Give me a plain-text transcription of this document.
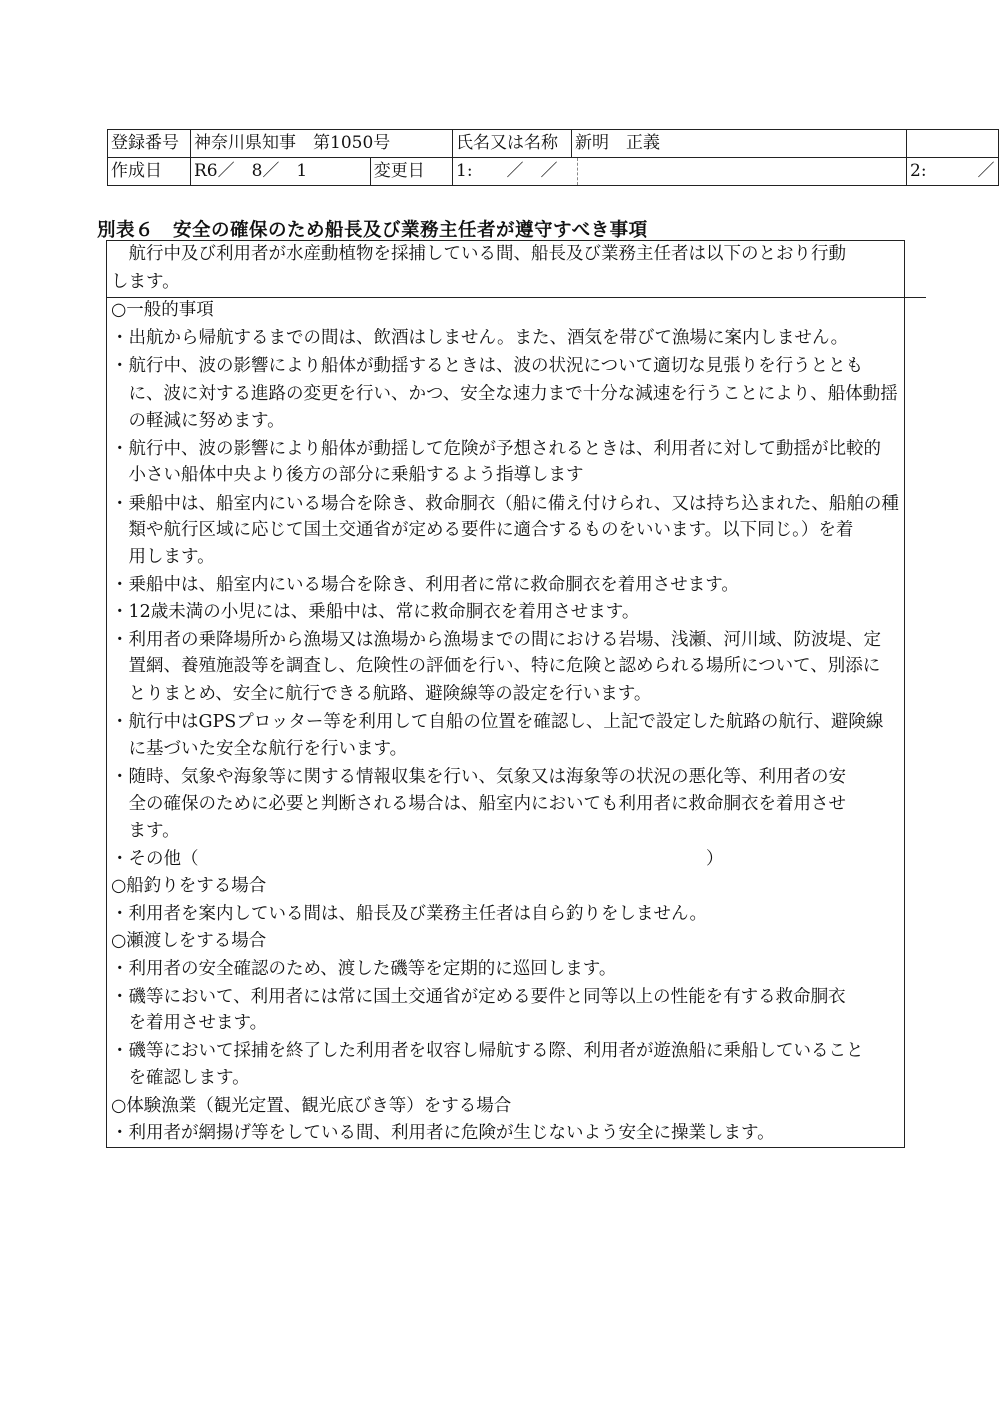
登録番号	神奈川県知事　第1050号		氏名又は名称	新明　正義		
作成日	R6／　8／　1	変更日	1:　　／　／			2:　　　／
別表６　安全の確保のため船長及び業務主任者が遵守すべき事項
　航行中及び利用者が水産動植物を採捕している間、船長及び業務主任者は以下のとおり行動
します。
○一般的事項
・出航から帰航するまでの間は、飲酒はしません。また、酒気を帯びて漁場に案内しません。
・航行中、波の影響により船体が動揺するときは、波の状況について適切な見張りを行うととも
　に、波に対する進路の変更を行い、かつ、安全な速力まで十分な減速を行うことにより、船体動揺
　の軽減に努めます。
・航行中、波の影響により船体が動揺して危険が予想されるときは、利用者に対して動揺が比較的
　小さい船体中央より後方の部分に乗船するよう指導します
・乗船中は、船室内にいる場合を除き、救命胴衣（船に備え付けられ、又は持ち込まれた、船舶の種
　類や航行区域に応じて国土交通省が定める要件に適合するものをいいます。以下同じ。）を着
　用します。
・乗船中は、船室内にいる場合を除き、利用者に常に救命胴衣を着用させます。
・12歳未満の小児には、乗船中は、常に救命胴衣を着用させます。
・利用者の乗降場所から漁場又は漁場から漁場までの間における岩場、浅瀬、河川域、防波堤、定
　置網、養殖施設等を調査し、危険性の評価を行い、特に危険と認められる場所について、別添に
　とりまとめ、安全に航行できる航路、避険線等の設定を行います。
・航行中はGPSプロッター等を利用して自船の位置を確認し、上記で設定した航路の航行、避険線
　に基づいた安全な航行を行います。
・随時、気象や海象等に関する情報収集を行い、気象又は海象等の状況の悪化等、利用者の安
　全の確保のために必要と判断される場合は、船室内においても利用者に救命胴衣を着用させ
　ます。
・その他（　　　　　　　　　　　　　　　　　　　　　　　　　　　　　）
○船釣りをする場合
・利用者を案内している間は、船長及び業務主任者は自ら釣りをしません。
○瀬渡しをする場合
・利用者の安全確認のため、渡した磯等を定期的に巡回します。
・磯等において、利用者には常に国土交通省が定める要件と同等以上の性能を有する救命胴衣
　を着用させます。
・磯等において採捕を終了した利用者を収容し帰航する際、利用者が遊漁船に乗船していること
　を確認します。
○体験漁業（観光定置、観光底びき等）をする場合
・利用者が網揚げ等をしている間、利用者に危険が生じないよう安全に操業します。
